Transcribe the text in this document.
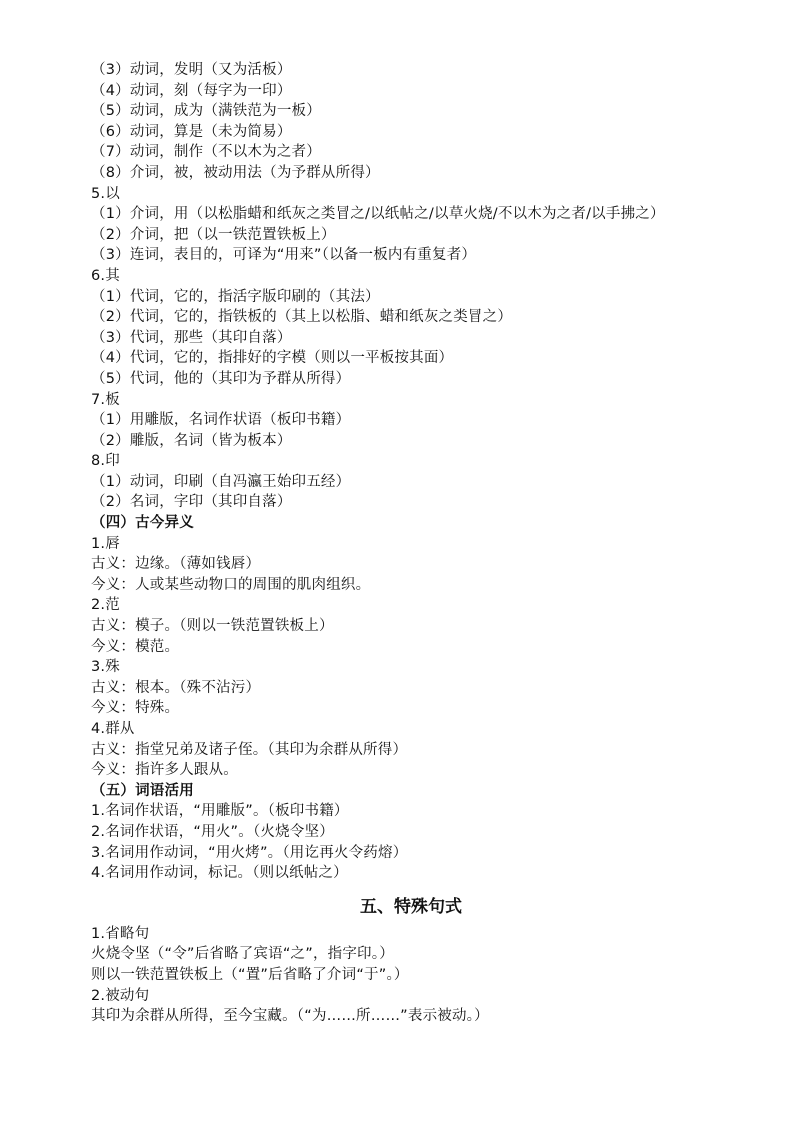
（3）动词，发明（又为活板）
（4）动词，刻（每字为一印）
（5）动词，成为（满铁范为一板）
（6）动词，算是（未为简易）
（7）动词，制作（不以木为之者）
（8）介词，被，被动用法（为予群从所得）
5.以
（1）介词，用（以松脂蜡和纸灰之类冒之/以纸帖之/以草火烧/不以木为之者/以手拂之）
（2）介词，把（以一铁范置铁板上）
（3）连词，表目的，可译为“用来”（以备一板内有重复者）
6.其
（1）代词，它的，指活字版印刷的（其法）
（2）代词，它的，指铁板的（其上以松脂、蜡和纸灰之类冒之）
（3）代词，那些（其印自落）
（4）代词，它的，指排好的字模（则以一平板按其面）
（5）代词，他的（其印为予群从所得）
7.板
（1）用雕版，名词作状语（板印书籍）
（2）雕版，名词（皆为板本）
8.印
（1）动词，印刷（自冯瀛王始印五经）
（2）名词，字印（其印自落）
（四）古今异义
1.唇
古义：边缘。（薄如钱唇）
今义：人或某些动物口的周围的肌肉组织。
2.范
古义：模子。（则以一铁范置铁板上）
今义：模范。
3.殊
古义：根本。（殊不沾污）
今义：特殊。
4.群从
古义：指堂兄弟及诸子侄。（其印为余群从所得）
今义：指许多人跟从。
（五）词语活用
1.名词作状语，“用雕版”。（板印书籍）
2.名词作状语，“用火”。（火烧令坚）
3.名词用作动词，“用火烤”。（用讫再火令药熔）
4.名词用作动词，标记。（则以纸帖之）
五、特殊句式
1.省略句
火烧令坚（“令”后省略了宾语“之”，指字印。）
则以一铁范置铁板上（“置”后省略了介词“于”。）
2.被动句
其印为余群从所得，至今宝藏。（“为……所……”表示被动。）
